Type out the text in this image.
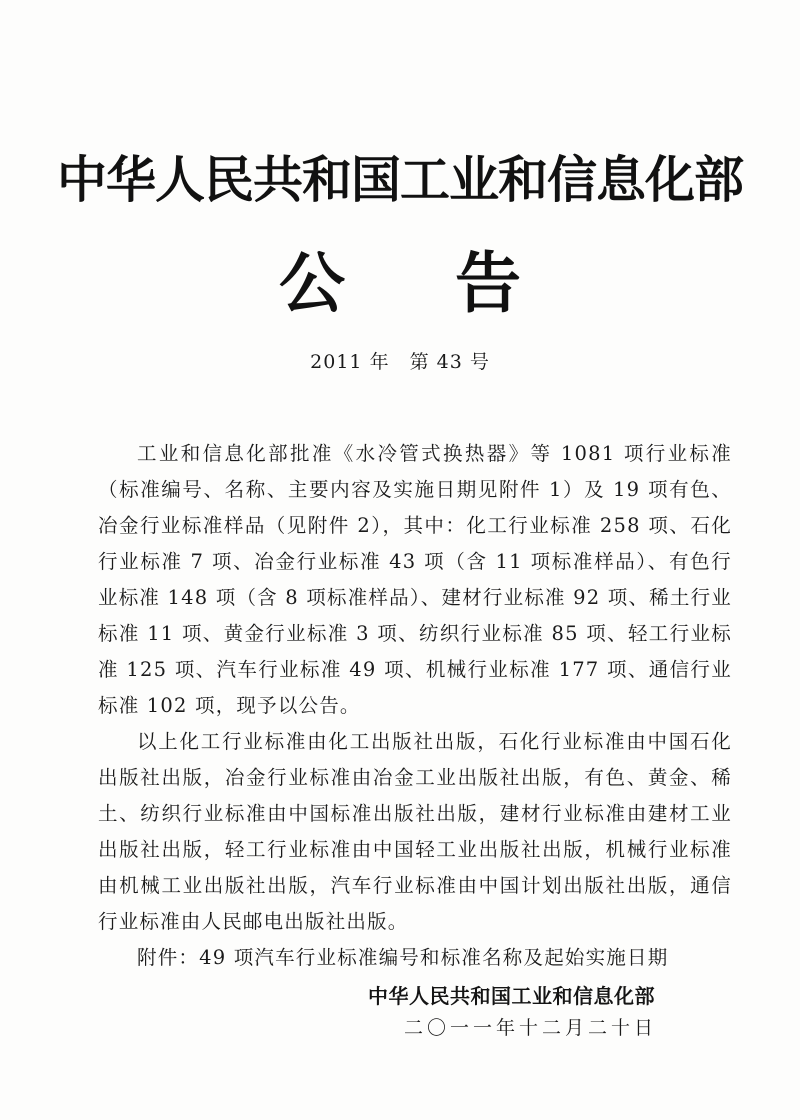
中华人民共和国工业和信息化部
公告
2011 年　第 43 号

工业和信息化部批准《水冷管式换热器》等 1081 项行业标准（标准编号、名称、主要内容及实施日期见附件 1）及 19 项有色、冶金行业标准样品（见附件 2），其中：化工行业标准 258 项、石化行业标准 7 项、冶金行业标准 43 项（含 11 项标准样品）、有色行业标准 148 项（含 8 项标准样品）、建材行业标准 92 项、稀土行业标准 11 项、黄金行业标准 3 项、纺织行业标准 85 项、轻工行业标准 125 项、汽车行业标准 49 项、机械行业标准 177 项、通信行业标准 102 项，现予以公告。

以上化工行业标准由化工出版社出版，石化行业标准由中国石化出版社出版，冶金行业标准由冶金工业出版社出版，有色、黄金、稀土、纺织行业标准由中国标准出版社出版，建材行业标准由建材工业出版社出版，轻工行业标准由中国轻工业出版社出版，机械行业标准由机械工业出版社出版，汽车行业标准由中国计划出版社出版，通信行业标准由人民邮电出版社出版。

附件：49 项汽车行业标准编号和标准名称及起始实施日期

中华人民共和国工业和信息化部
二〇一一年十二月二十日
